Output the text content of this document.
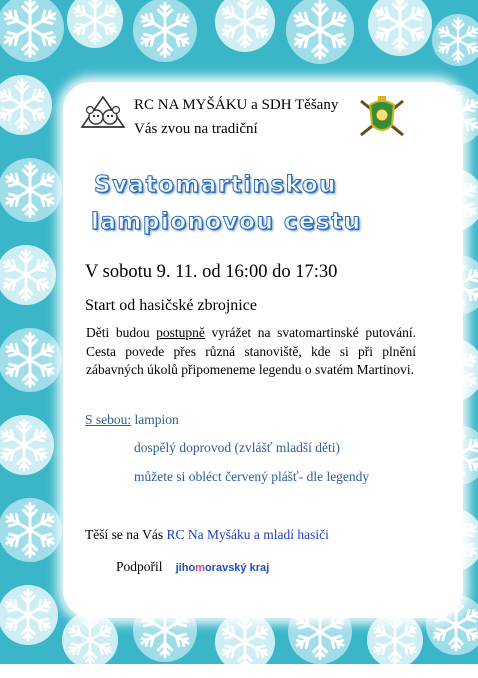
RC NA MYŠÁKU a SDH Těšany
Vás zvou na tradiční
Svatomartinskou
lampionovou cestu
V sobotu 9. 11. od 16:00 do 17:30
Start od hasičské zbrojnice
Děti budou postupně vyrážet na svatomartinské putování. Cesta povede přes různá stanoviště, kde si při plnění zábavných úkolů připomeneme legendu o svatém Martinovi.
S sebou: lampion
dospělý doprovod (zvlášť mladší děti)
můžete si obléct červený plášť- dle legendy
Těší se na Vás RC Na Myšáku a mladí hasiči
Podpořil jihomoravský kraj
